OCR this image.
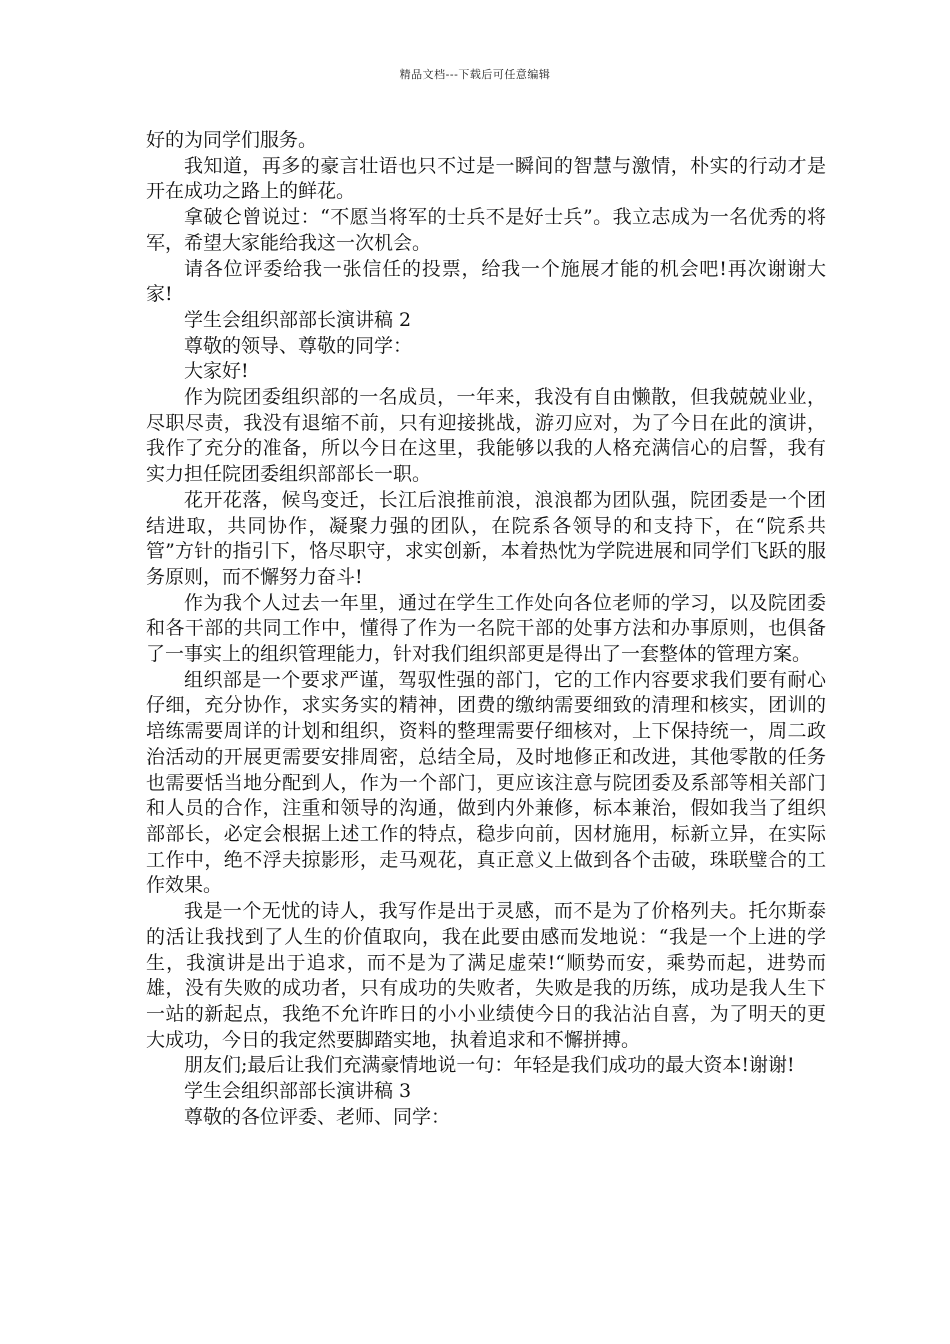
精品文档---下载后可任意编辑

好的为同学们服务。

我知道，再多的豪言壮语也只不过是一瞬间的智慧与激情，朴实的行动才是开在成功之路上的鲜花。

拿破仑曾说过：“不愿当将军的士兵不是好士兵”。我立志成为一名优秀的将军，希望大家能给我这一次机会。

请各位评委给我一张信任的投票，给我一个施展才能的机会吧!再次谢谢大家!

学生会组织部部长演讲稿 2

尊敬的领导、尊敬的同学：

大家好!

作为院团委组织部的一名成员，一年来，我没有自由懒散，但我兢兢业业，尽职尽责，我没有退缩不前，只有迎接挑战，游刃应对，为了今日在此的演讲，我作了充分的准备，所以今日在这里，我能够以我的人格充满信心的启誓，我有实力担任院团委组织部部长一职。

花开花落，候鸟变迁，长江后浪推前浪，浪浪都为团队强，院团委是一个团结进取，共同协作，凝聚力强的团队，在院系各领导的和支持下，在“院系共管”方针的指引下，恪尽职守，求实创新，本着热忱为学院进展和同学们飞跃的服务原则，而不懈努力奋斗!

作为我个人过去一年里，通过在学生工作处向各位老师的学习，以及院团委和各干部的共同工作中，懂得了作为一名院干部的处事方法和办事原则，也俱备了一事实上的组织管理能力，针对我们组织部更是得出了一套整体的管理方案。

组织部是一个要求严谨，驾驭性强的部门，它的工作内容要求我们要有耐心仔细，充分协作，求实务实的精神，团费的缴纳需要细致的清理和核实，团训的培练需要周详的计划和组织，资料的整理需要仔细核对，上下保持统一，周二政治活动的开展更需要安排周密，总结全局，及时地修正和改进，其他零散的任务也需要恬当地分配到人，作为一个部门，更应该注意与院团委及系部等相关部门和人员的合作，注重和领导的沟通，做到内外兼修，标本兼治，假如我当了组织部部长，必定会根据上述工作的特点，稳步向前，因材施用，标新立异，在实际工作中，绝不浮夫掠影形，走马观花，真正意义上做到各个击破，珠联璧合的工作效果。

我是一个无忧的诗人，我写作是出于灵感，而不是为了价格列夫。托尔斯泰的活让我找到了人生的价值取向，我在此要由感而发地说：“我是一个上进的学生，我演讲是出于追求，而不是为了满足虚荣!“顺势而安，乘势而起，进势而雄，没有失败的成功者，只有成功的失败者，失败是我的历练，成功是我人生下一站的新起点，我绝不允许昨日的小小业绩使今日的我沾沾自喜，为了明天的更大成功，今日的我定然要脚踏实地，执着追求和不懈拼搏。

朋友们;最后让我们充满豪情地说一句：年轻是我们成功的最大资本!谢谢!

学生会组织部部长演讲稿 3

尊敬的各位评委、老师、同学：
